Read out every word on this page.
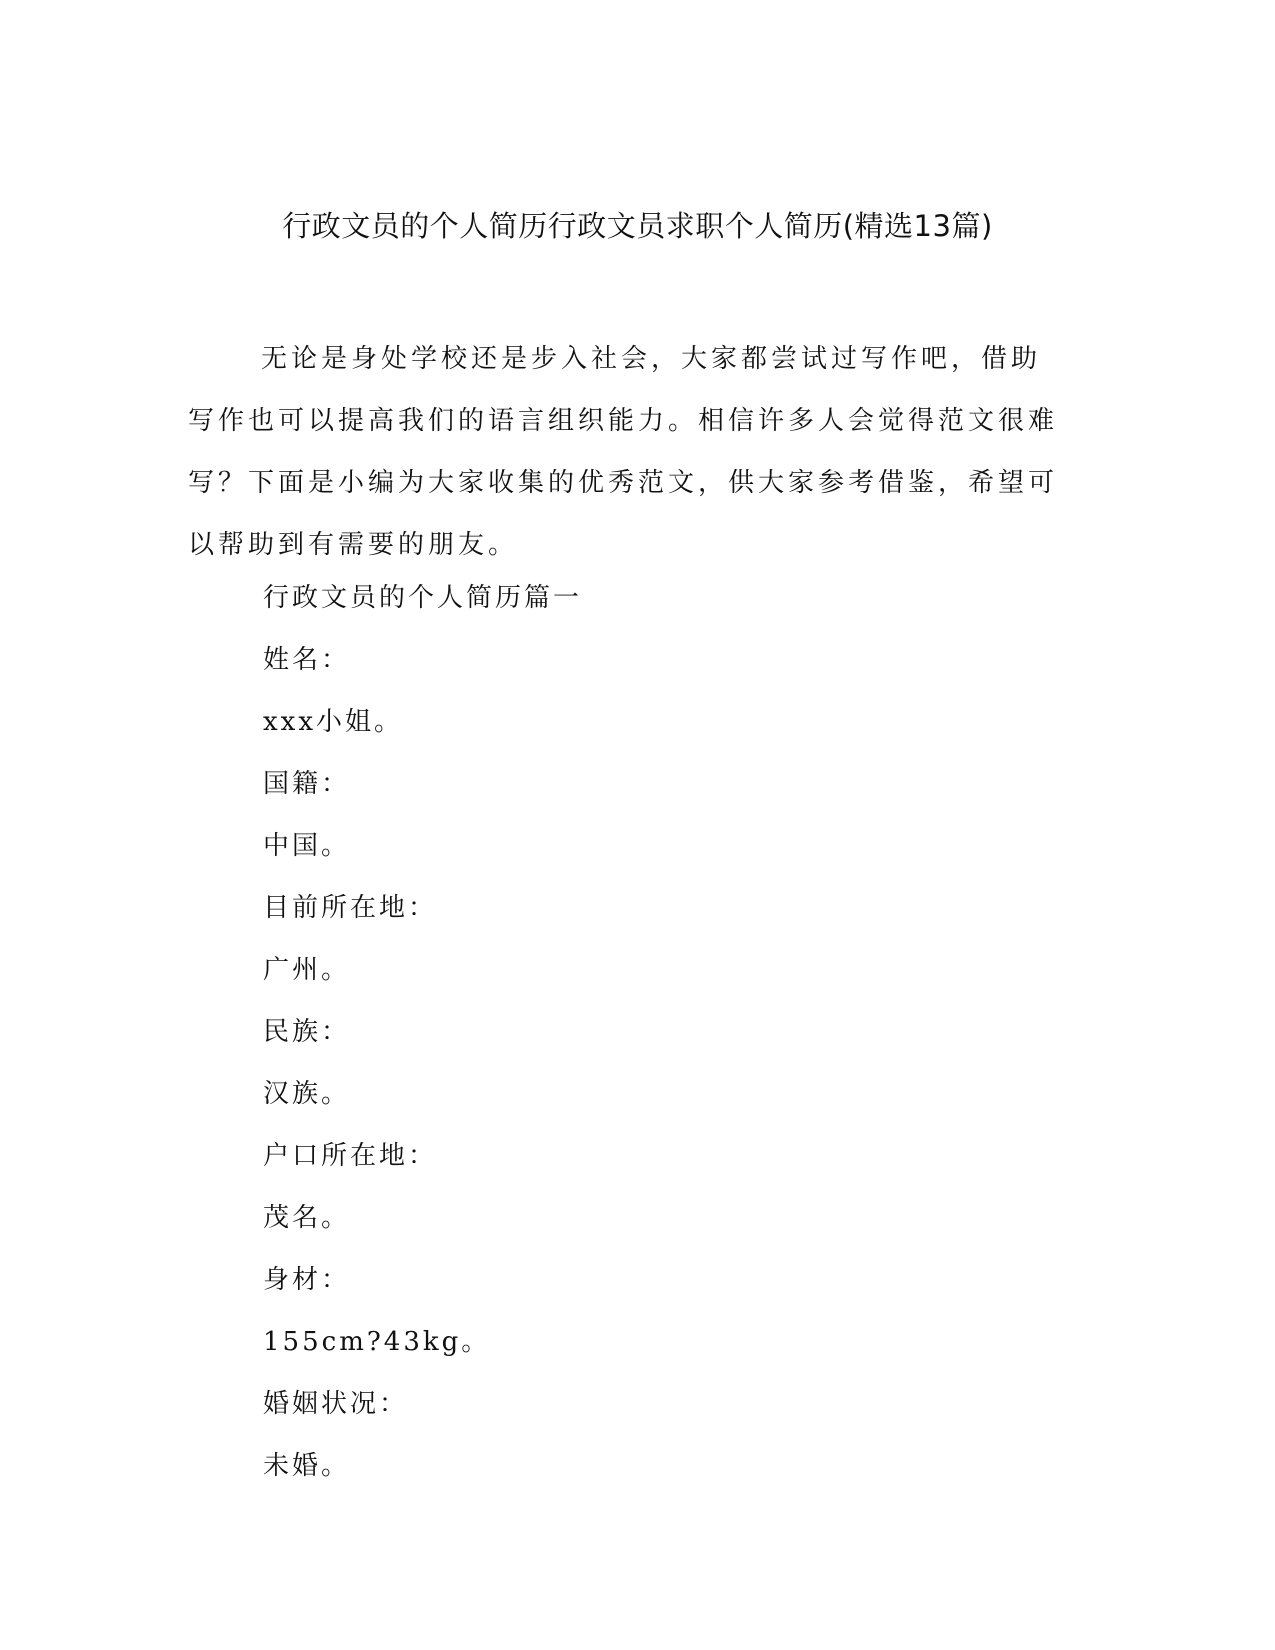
行政文员的个人简历行政文员求职个人简历(精选13篇)

无论是身处学校还是步入社会，大家都尝试过写作吧，借助写作也可以提高我们的语言组织能力。相信许多人会觉得范文很难写？下面是小编为大家收集的优秀范文，供大家参考借鉴，希望可以帮助到有需要的朋友。

行政文员的个人简历篇一
姓名：
xxx小姐。
国籍：
中国。
目前所在地：
广州。
民族：
汉族。
户口所在地：
茂名。
身材：
155cm?43kg。
婚姻状况：
未婚。
